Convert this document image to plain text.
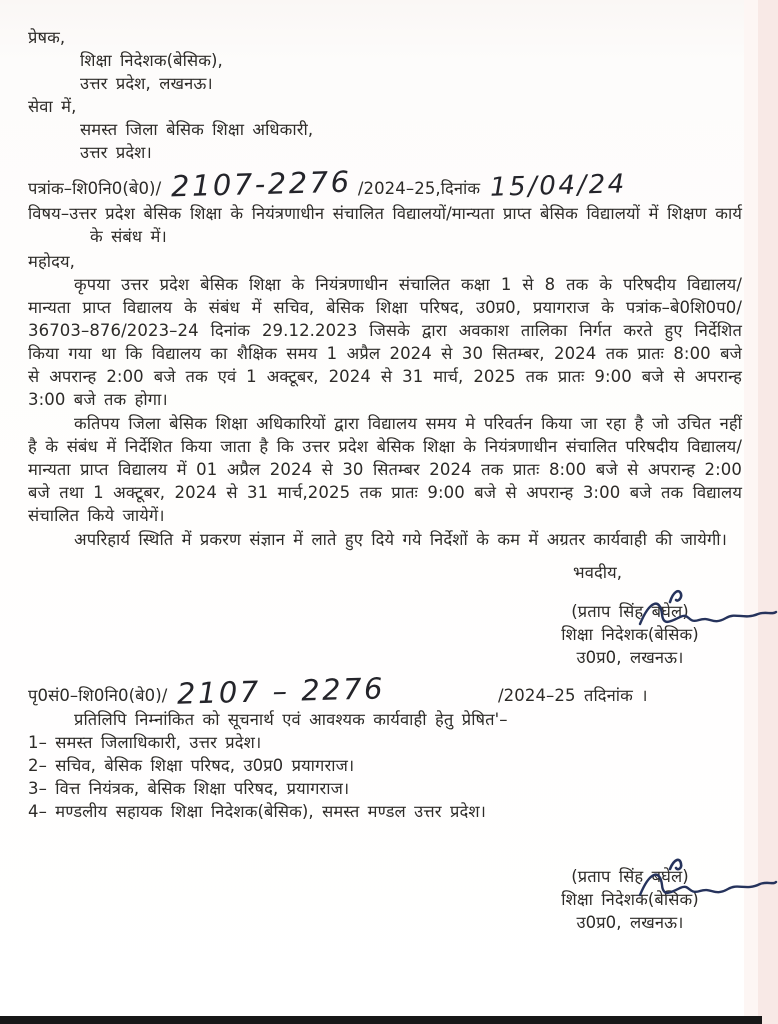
प्रेषक,
शिक्षा निदेशक(बेसिक),
उत्तर प्रदेश, लखनऊ।
सेवा में,
समस्त जिला बेसिक शिक्षा अधिकारी,
उत्तर प्रदेश।
पत्रांक–शि0नि0(बे0)/ 2107-2276 /2024–25,दिनांक 15/04/24
विषय–उत्तर प्रदेश बेसिक शिक्षा के नियंत्रणाधीन संचालित विद्यालयों/मान्यता प्राप्त बेसिक विद्यालयों में शिक्षण कार्य के संबंध में।
महोदय,

कृपया उत्तर प्रदेश बेसिक शिक्षा के नियंत्रणाधीन संचालित कक्षा 1 से 8 तक के परिषदीय विद्यालय/मान्यता प्राप्त विद्यालय के संबंध में सचिव, बेसिक शिक्षा परिषद, उ0प्र0, प्रयागराज के पत्रांक–बे0शि0प0/ 36703–876/2023–24 दिनांक 29.12.2023 जिसके द्वारा अवकाश तालिका निर्गत करते हुए निर्देशित किया गया था कि विद्यालय का शैक्षिक समय 1 अप्रैल 2024 से 30 सितम्बर, 2024 तक प्रातः 8:00 बजे से अपरान्ह 2:00 बजे तक एवं 1 अक्टूबर, 2024 से 31 मार्च, 2025 तक प्रातः 9:00 बजे से अपरान्ह 3:00 बजे तक होगा।

कतिपय जिला बेसिक शिक्षा अधिकारियों द्वारा विद्यालय समय मे परिवर्तन किया जा रहा है जो उचित नहीं है के संबंध में निर्देशित किया जाता है कि उत्तर प्रदेश बेसिक शिक्षा के नियंत्रणाधीन संचालित परिषदीय विद्यालय/मान्यता प्राप्त विद्यालय में 01 अप्रैल 2024 से 30 सितम्बर 2024 तक प्रातः 8:00 बजे से अपरान्ह 2:00 बजे तथा 1 अक्टूबर, 2024 से 31 मार्च,2025 तक प्रातः 9:00 बजे से अपरान्ह 3:00 बजे तक विद्यालय संचालित किये जायेगें।

अपरिहार्य स्थिति में प्रकरण संज्ञान में लाते हुए दिये गये निर्देशों के कम में अग्रतर कार्यवाही की जायेगी।

भवदीय,
(प्रताप सिंह बघेल)
शिक्षा निदेशक(बेसिक)
उ0प्र0, लखनऊ।
पृ0सं0–शि0नि0(बे0)/ 2107 – 2276	/2024–25 तदिनांक ।
प्रतिलिपि निम्नांकित को सूचनार्थ एवं आवश्यक कार्यवाही हेतु प्रेषित'–
1– समस्त जिलाधिकारी, उत्तर प्रदेश।
2– सचिव, बेसिक शिक्षा परिषद, उ0प्र0 प्रयागराज।
3– वित्त नियंत्रक, बेसिक शिक्षा परिषद, प्रयागराज।
4– मण्डलीय सहायक शिक्षा निदेशक(बेसिक), समस्त मण्डल उत्तर प्रदेश।
(प्रताप सिंह बघेल)
शिक्षा निदेशक(बेसिक)
उ0प्र0, लखनऊ।
